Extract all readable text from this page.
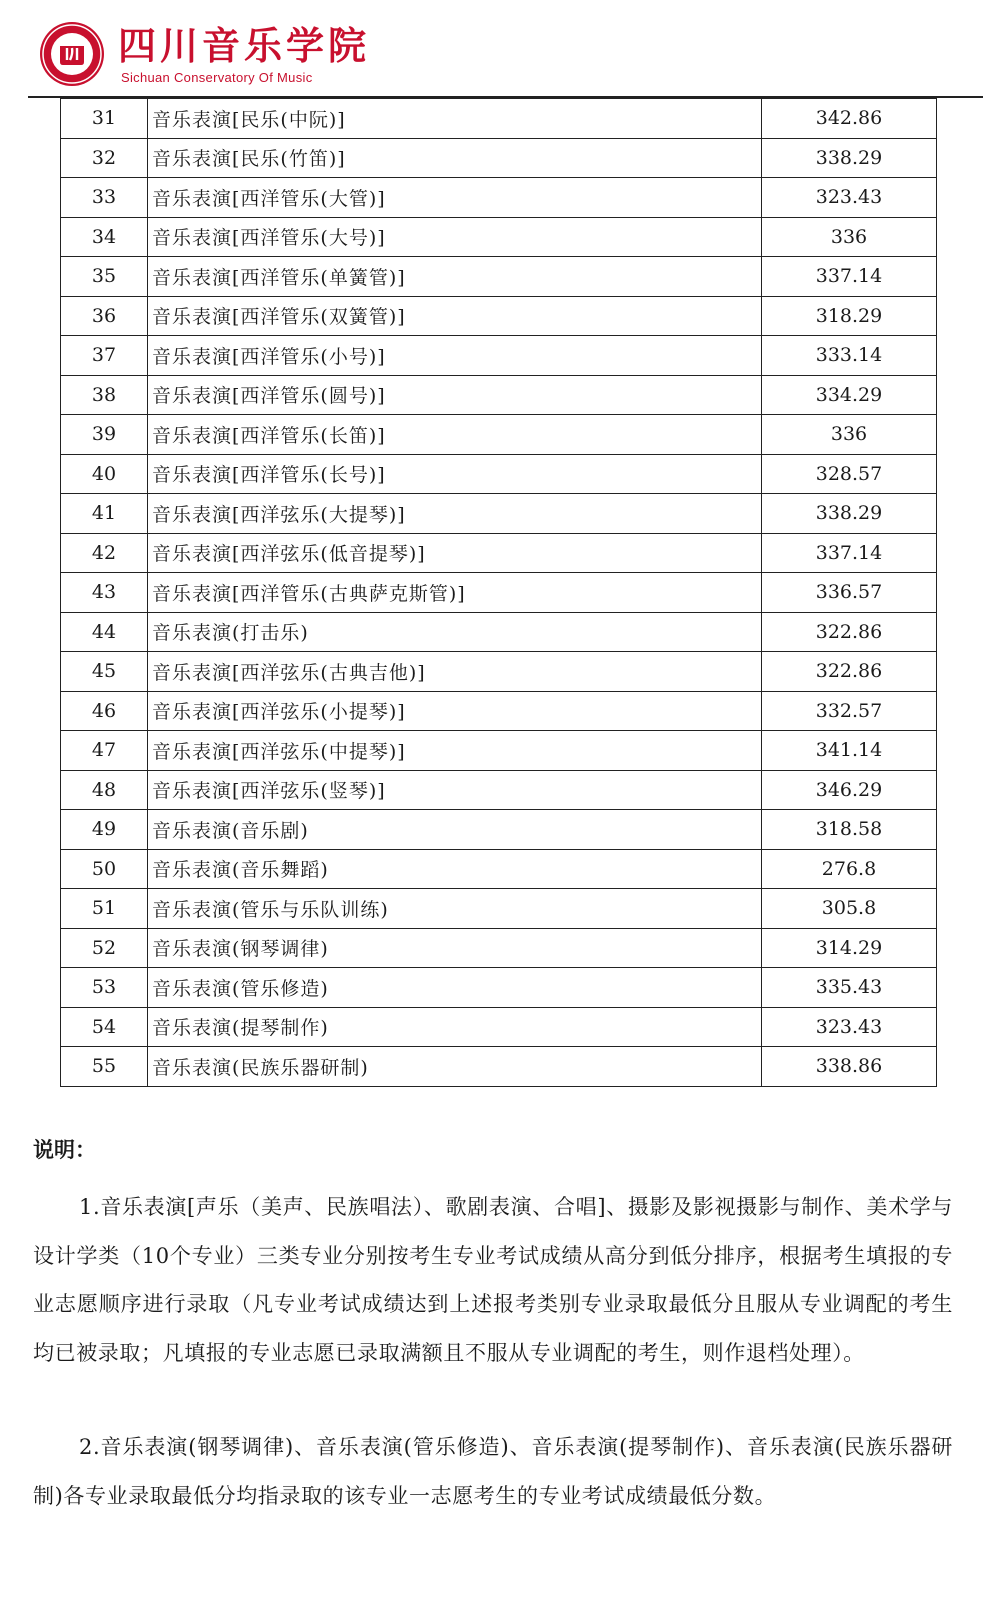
四川音乐学院
Sichuan Conservatory Of Music
31	音乐表演[民乐(中阮)]	342.86
32	音乐表演[民乐(竹笛)]	338.29
33	音乐表演[西洋管乐(大管)]	323.43
34	音乐表演[西洋管乐(大号)]	336
35	音乐表演[西洋管乐(单簧管)]	337.14
36	音乐表演[西洋管乐(双簧管)]	318.29
37	音乐表演[西洋管乐(小号)]	333.14
38	音乐表演[西洋管乐(圆号)]	334.29
39	音乐表演[西洋管乐(长笛)]	336
40	音乐表演[西洋管乐(长号)]	328.57
41	音乐表演[西洋弦乐(大提琴)]	338.29
42	音乐表演[西洋弦乐(低音提琴)]	337.14
43	音乐表演[西洋管乐(古典萨克斯管)]	336.57
44	音乐表演(打击乐)	322.86
45	音乐表演[西洋弦乐(古典吉他)]	322.86
46	音乐表演[西洋弦乐(小提琴)]	332.57
47	音乐表演[西洋弦乐(中提琴)]	341.14
48	音乐表演[西洋弦乐(竖琴)]	346.29
49	音乐表演(音乐剧)	318.58
50	音乐表演(音乐舞蹈)	276.8
51	音乐表演(管乐与乐队训练)	305.8
52	音乐表演(钢琴调律)	314.29
53	音乐表演(管乐修造)	335.43
54	音乐表演(提琴制作)	323.43
55	音乐表演(民族乐器研制)	338.86
说明：
1.音乐表演[声乐（美声、民族唱法）、歌剧表演、合唱]、摄影及影视摄影与制作、美术学与设计学类（10个专业）三类专业分别按考生专业考试成绩从高分到低分排序，根据考生填报的专业志愿顺序进行录取（凡专业考试成绩达到上述报考类别专业录取最低分且服从专业调配的考生均已被录取；凡填报的专业志愿已录取满额且不服从专业调配的考生，则作退档处理）。
2.音乐表演(钢琴调律)、音乐表演(管乐修造)、音乐表演(提琴制作)、音乐表演(民族乐器研制)各专业录取最低分均指录取的该专业一志愿考生的专业考试成绩最低分数。
